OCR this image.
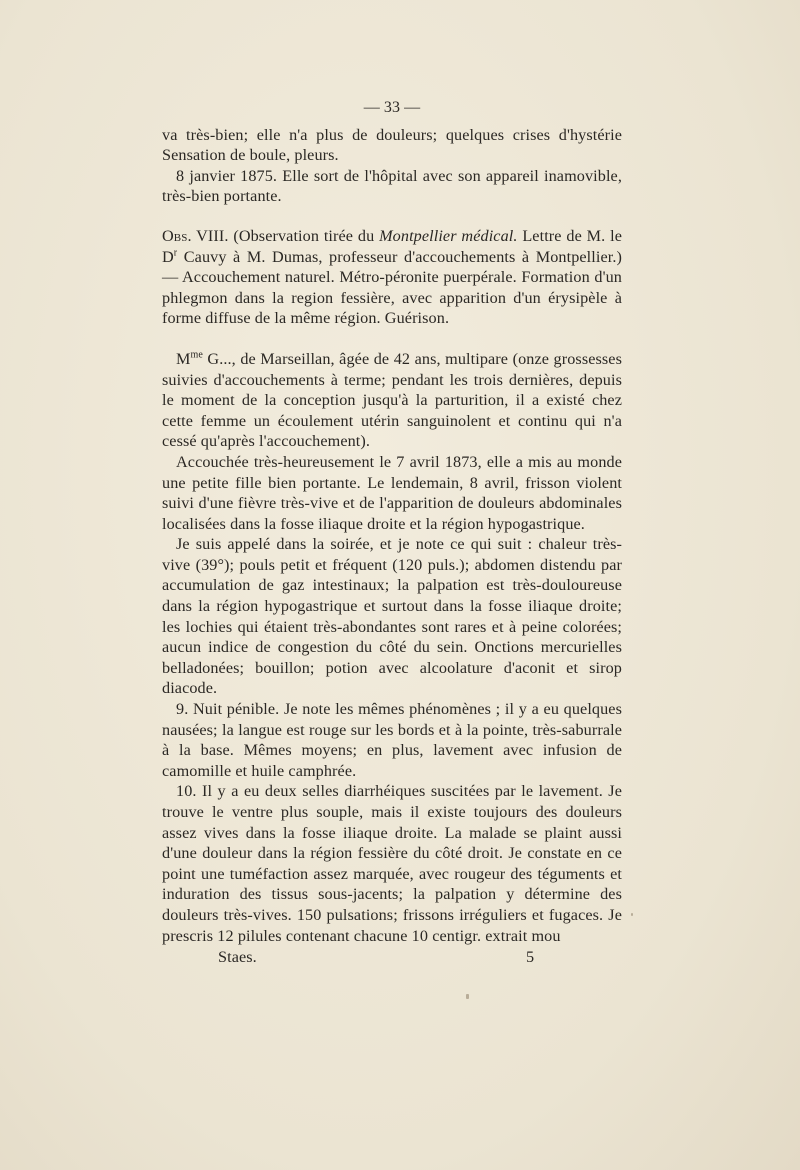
— 33 —

va très-bien; elle n'a plus de douleurs; quelques crises d'hystérie Sensation de boule, pleurs.

8 janvier 1875. Elle sort de l'hôpital avec son appareil inamovible, très-bien portante.

Obs. VIII. (Observation tirée du Montpellier médical. Lettre de M. le $D^r$ Cauvy à M. Dumas, professeur d'accouchements à Montpellier.) — Accouchement naturel. Métro-péronite puerpérale. Formation d'un phlegmon dans la region fessière, avec apparition d'un érysipèle à forme diffuse de la même région. Guérison.

$M^{me}$ G..., de Marseillan, âgée de 42 ans, multipare (onze grossesses suivies d'accouchements à terme; pendant les trois dernières, depuis le moment de la conception jusqu'à la parturition, il a existé chez cette femme un écoulement utérin sanguinolent et continu qui n'a cessé qu'après l'accouchement).

Accouchée très-heureusement le 7 avril 1873, elle a mis au monde une petite fille bien portante. Le lendemain, 8 avril, frisson violent suivi d'une fièvre très-vive et de l'apparition de douleurs abdominales localisées dans la fosse iliaque droite et la région hypogastrique.

Je suis appelé dans la soirée, et je note ce qui suit : chaleur très-vive (39°); pouls petit et fréquent (120 puls.); abdomen distendu par accumulation de gaz intestinaux; la palpation est très-douloureuse dans la région hypogastrique et surtout dans la fosse iliaque droite; les lochies qui étaient très-abondantes sont rares et à peine colorées; aucun indice de congestion du côté du sein. Onctions mercurielles belladonées; bouillon; potion avec alcoolature d'aconit et sirop diacode.

9. Nuit pénible. Je note les mêmes phénomènes ; il y a eu quelques nausées; la langue est rouge sur les bords et à la pointe, très-saburrale à la base. Mêmes moyens; en plus, lavement avec infusion de camomille et huile camphrée.

10. Il y a eu deux selles diarrhéiques suscitées par le lavement. Je trouve le ventre plus souple, mais il existe toujours des douleurs assez vives dans la fosse iliaque droite. La malade se plaint aussi d'une douleur dans la région fessière du côté droit. Je constate en ce point une tuméfaction assez marquée, avec rougeur des téguments et induration des tissus sous-jacents; la palpation y détermine des douleurs très-vives. 150 pulsations; frissons irréguliers et fugaces. Je prescris 12 pilules contenant chacune 10 centigr. extrait mou

Staes.	5
